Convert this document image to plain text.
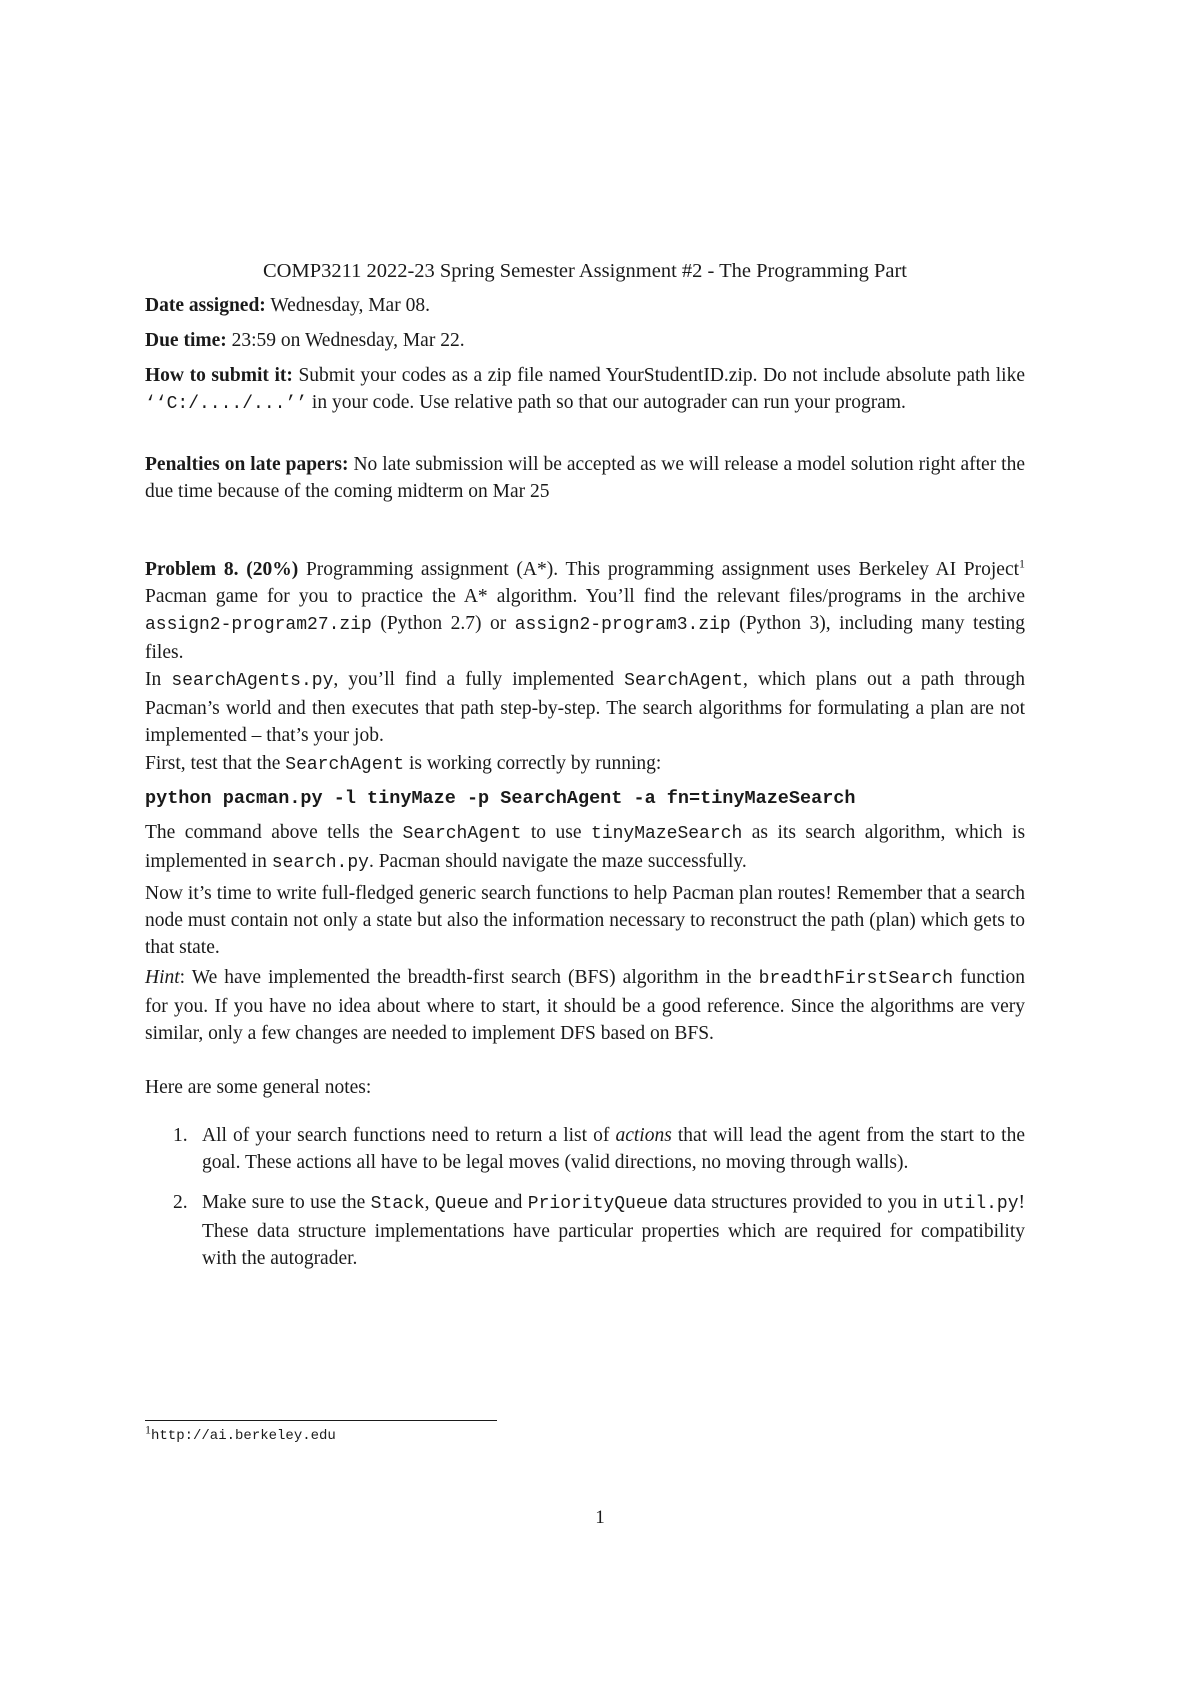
COMP3211 2022-23 Spring Semester Assignment #2 - The Programming Part

Date assigned: Wednesday, Mar 08.

Due time: 23:59 on Wednesday, Mar 22.

How to submit it: Submit your codes as a zip file named YourStudentID.zip. Do not include absolute path like ‘‘C:/..../...’’ in your code. Use relative path so that our autograder can run your program.

Penalties on late papers: No late submission will be accepted as we will release a model solution right after the due time because of the coming midterm on Mar 25

Problem 8. (20%) Programming assignment (A*). This programming assignment uses Berkeley AI Project$^1$ Pacman game for you to practice the A* algorithm. You’ll find the relevant files/programs in the archive assign2-program27.zip (Python 2.7) or assign2-program3.zip (Python 3), including many testing files.

In searchAgents.py, you’ll find a fully implemented SearchAgent, which plans out a path through Pacman’s world and then executes that path step-by-step. The search algorithms for formulating a plan are not implemented – that’s your job.

First, test that the SearchAgent is working correctly by running:

python pacman.py -l tinyMaze -p SearchAgent -a fn=tinyMazeSearch

The command above tells the SearchAgent to use tinyMazeSearch as its search algorithm, which is implemented in search.py. Pacman should navigate the maze successfully.

Now it’s time to write full-fledged generic search functions to help Pacman plan routes! Remember that a search node must contain not only a state but also the information necessary to reconstruct the path (plan) which gets to that state.

Hint: We have implemented the breadth-first search (BFS) algorithm in the breadthFirstSearch function for you. If you have no idea about where to start, it should be a good reference. Since the algorithms are very similar, only a few changes are needed to implement DFS based on BFS.

Here are some general notes:

1. All of your search functions need to return a list of actions that will lead the agent from the start to the goal. These actions all have to be legal moves (valid directions, no moving through walls).
2. Make sure to use the Stack, Queue and PriorityQueue data structures provided to you in util.py! These data structure implementations have particular properties which are required for compatibility with the autograder.
$^1$http://ai.berkeley.edu
1
